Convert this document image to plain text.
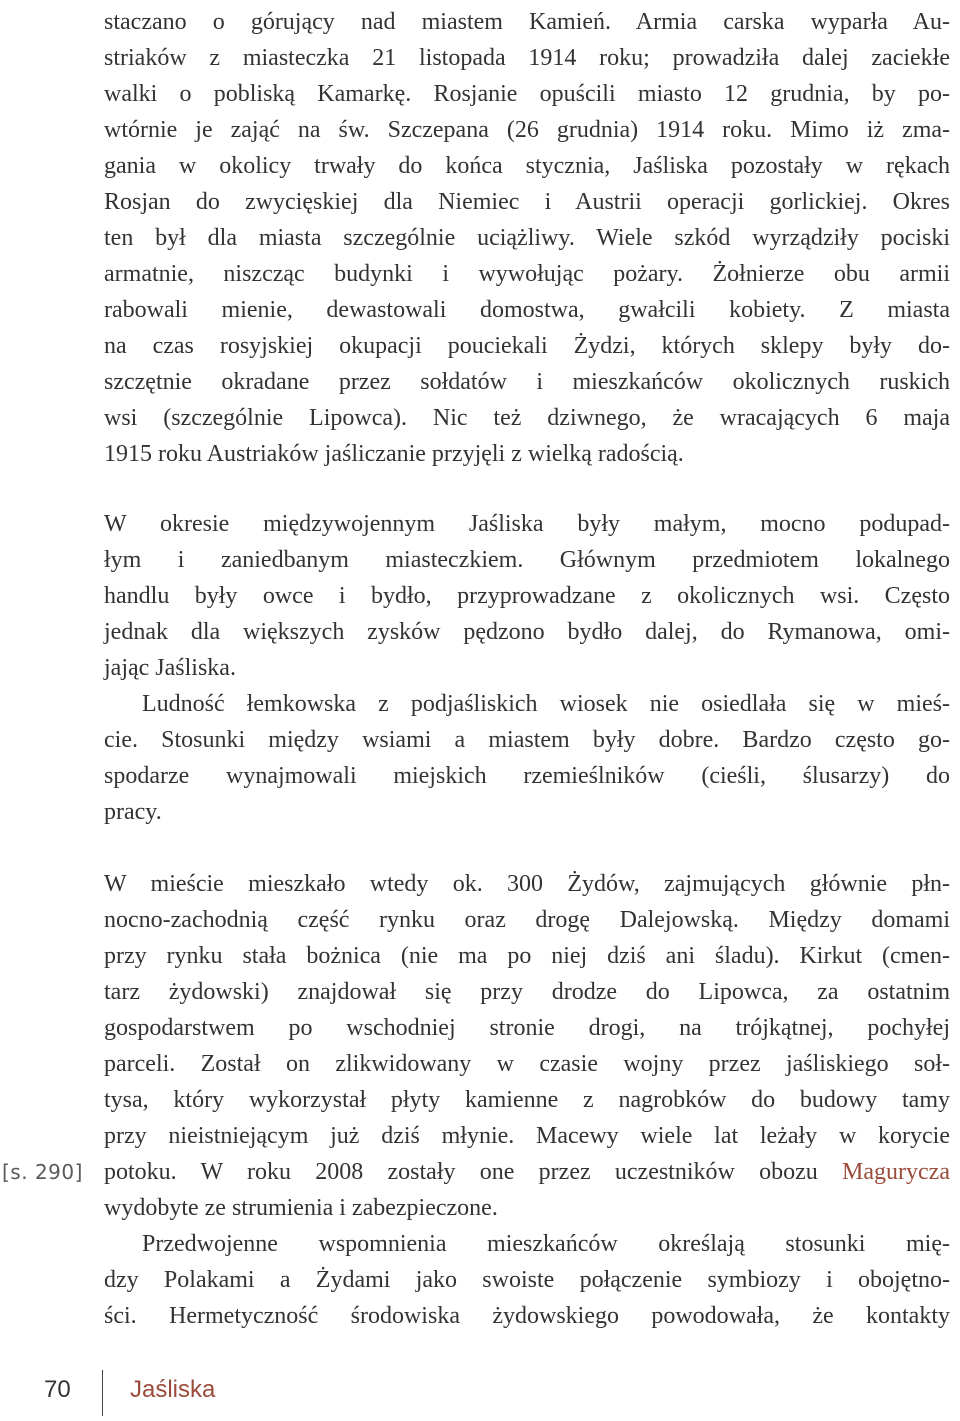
staczano o górujący nad miastem Kamień. Armia carska wyparła Au-
striaków z miasteczka 21 listopada 1914 roku; prowadziła dalej zaciekłe
walki o pobliską Kamarkę. Rosjanie opuścili miasto 12 grudnia, by po-
wtórnie je zająć na św. Szczepana (26 grudnia) 1914 roku. Mimo iż zma-
gania w okolicy trwały do końca stycznia, Jaśliska pozostały w rękach
Rosjan do zwycięskiej dla Niemiec i Austrii operacji gorlickiej. Okres
ten był dla miasta szczególnie uciążliwy. Wiele szkód wyrządziły pociski
armatnie, niszcząc budynki i wywołując pożary. Żołnierze obu armii
rabowali mienie, dewastowali domostwa, gwałcili kobiety. Z miasta
na czas rosyjskiej okupacji pouciekali Żydzi, których sklepy były do-
szczętnie okradane przez sołdatów i mieszkańców okolicznych ruskich
wsi (szczególnie Lipowca). Nic też dziwnego, że wracających 6 maja
1915 roku Austriaków jaśliczanie przyjęli z wielką radością.
W okresie międzywojennym Jaśliska były małym, mocno podupad-
łym i zaniedbanym miasteczkiem. Głównym przedmiotem lokalnego
handlu były owce i bydło, przyprowadzane z okolicznych wsi. Często
jednak dla większych zysków pędzono bydło dalej, do Rymanowa, omi-
jając Jaśliska.
Ludność łemkowska z podjaśliskich wiosek nie osiedlała się w mieś-
cie. Stosunki między wsiami a miastem były dobre. Bardzo często go-
spodarze wynajmowali miejskich rzemieślników (cieśli, ślusarzy) do
pracy.
W mieście mieszkało wtedy ok. 300 Żydów, zajmujących głównie płn-
nocno-zachodnią część rynku oraz drogę Dalejowską. Między domami
przy rynku stała bożnica (nie ma po niej dziś ani śladu). Kirkut (cmen-
tarz żydowski) znajdował się przy drodze do Lipowca, za ostatnim
gospodarstwem po wschodniej stronie drogi, na trójkątnej, pochyłej
parceli. Został on zlikwidowany w czasie wojny przez jaśliskiego soł-
tysa, który wykorzystał płyty kamienne z nagrobków do budowy tamy
przy nieistniejącym już dziś młynie. Macewy wiele lat leżały w korycie
potoku. W roku 2008 zostały one przez uczestników obozu Magurycza
wydobyte ze strumienia i zabezpieczone.
Przedwojenne wspomnienia mieszkańców określają stosunki mię-
dzy Polakami a Żydami jako swoiste połączenie symbiozy i obojętno-
ści. Hermetyczność środowiska żydowskiego powodowała, że kontakty
[s. 290]
70 Jaśliska
